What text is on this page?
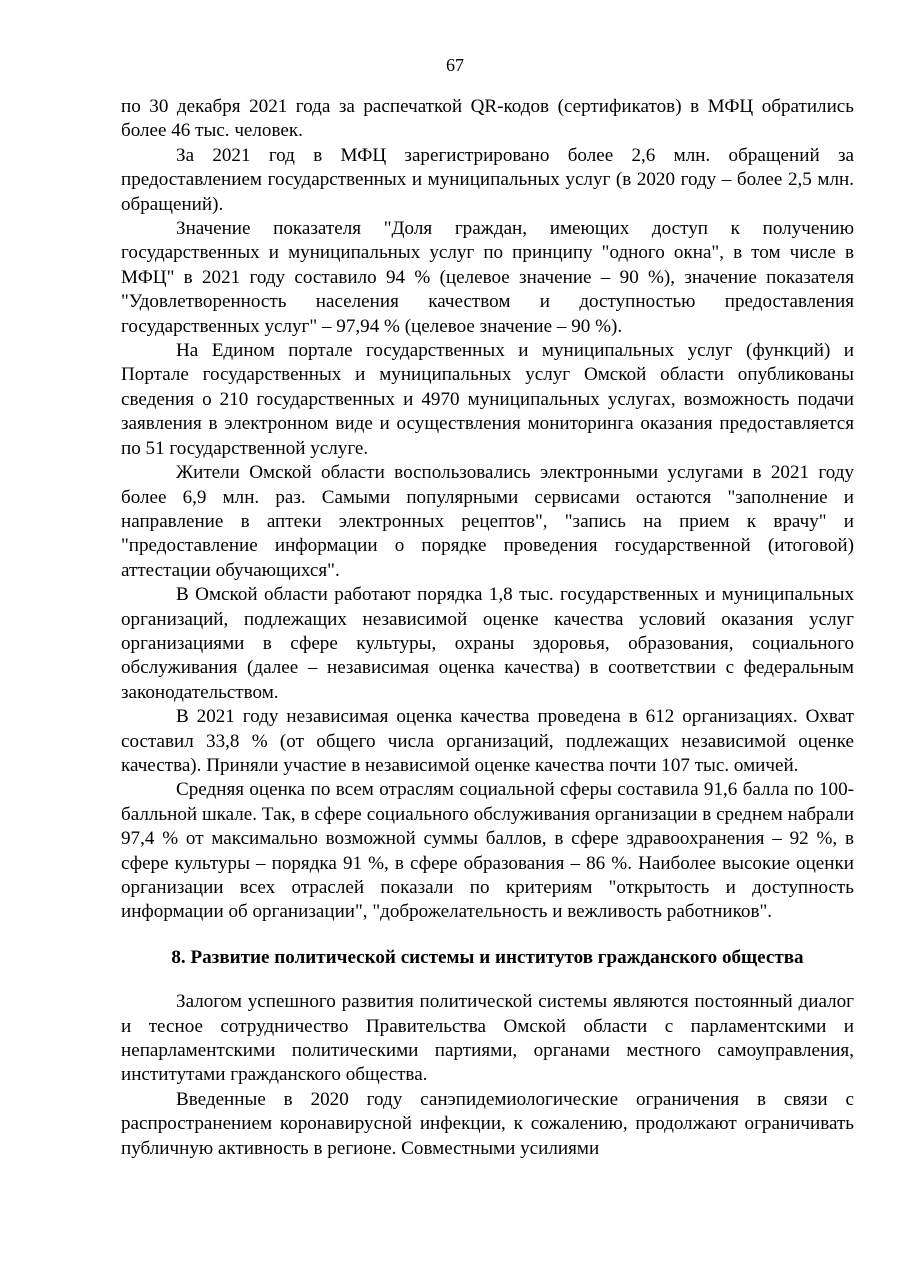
67

по 30 декабря 2021 года за распечаткой QR-кодов (сертификатов) в МФЦ обратились более 46 тыс. человек.

За 2021 год в МФЦ зарегистрировано более 2,6 млн. обращений за предоставлением государственных и муниципальных услуг (в 2020 году – более 2,5 млн. обращений).

Значение показателя "Доля граждан, имеющих доступ к получению государственных и муниципальных услуг по принципу "одного окна", в том числе в МФЦ" в 2021 году составило 94 % (целевое значение – 90 %), значение показателя "Удовлетворенность населения качеством и доступностью предоставления государственных услуг" – 97,94 % (целевое значение – 90 %).

На Едином портале государственных и муниципальных услуг (функций) и Портале государственных и муниципальных услуг Омской области опубликованы сведения о 210 государственных и 4970 муниципальных услугах, возможность подачи заявления в электронном виде и осуществления мониторинга оказания предоставляется по 51 государственной услуге.

Жители Омской области воспользовались электронными услугами в 2021 году более 6,9 млн. раз. Самыми популярными сервисами остаются "заполнение и направление в аптеки электронных рецептов", "запись на прием к врачу" и "предоставление информации о порядке проведения государственной (итоговой) аттестации обучающихся".

В Омской области работают порядка 1,8 тыс. государственных и муниципальных организаций, подлежащих независимой оценке качества условий оказания услуг организациями в сфере культуры, охраны здоровья, образования, социального обслуживания (далее – независимая оценка качества) в соответствии с федеральным законодательством.

В 2021 году независимая оценка качества проведена в 612 организациях. Охват составил 33,8 % (от общего числа организаций, подлежащих независимой оценке качества). Приняли участие в независимой оценке качества почти 107 тыс. омичей.

Средняя оценка по всем отраслям социальной сферы составила 91,6 балла по 100-балльной шкале. Так, в сфере социального обслуживания организации в среднем набрали 97,4 % от максимально возможной суммы баллов, в сфере здравоохранения – 92 %, в сфере культуры – порядка 91 %, в сфере образования – 86 %. Наиболее высокие оценки организации всех отраслей показали по критериям "открытость и доступность информации об организации", "доброжелательность и вежливость работников".

8. Развитие политической системы и институтов гражданского общества

Залогом успешного развития политической системы являются постоянный диалог и тесное сотрудничество Правительства Омской области с парламентскими и непарламентскими политическими партиями, органами местного самоуправления, институтами гражданского общества.

Введенные в 2020 году санэпидемиологические ограничения в связи с распространением коронавирусной инфекции, к сожалению, продолжают ограничивать публичную активность в регионе. Совместными усилиями
